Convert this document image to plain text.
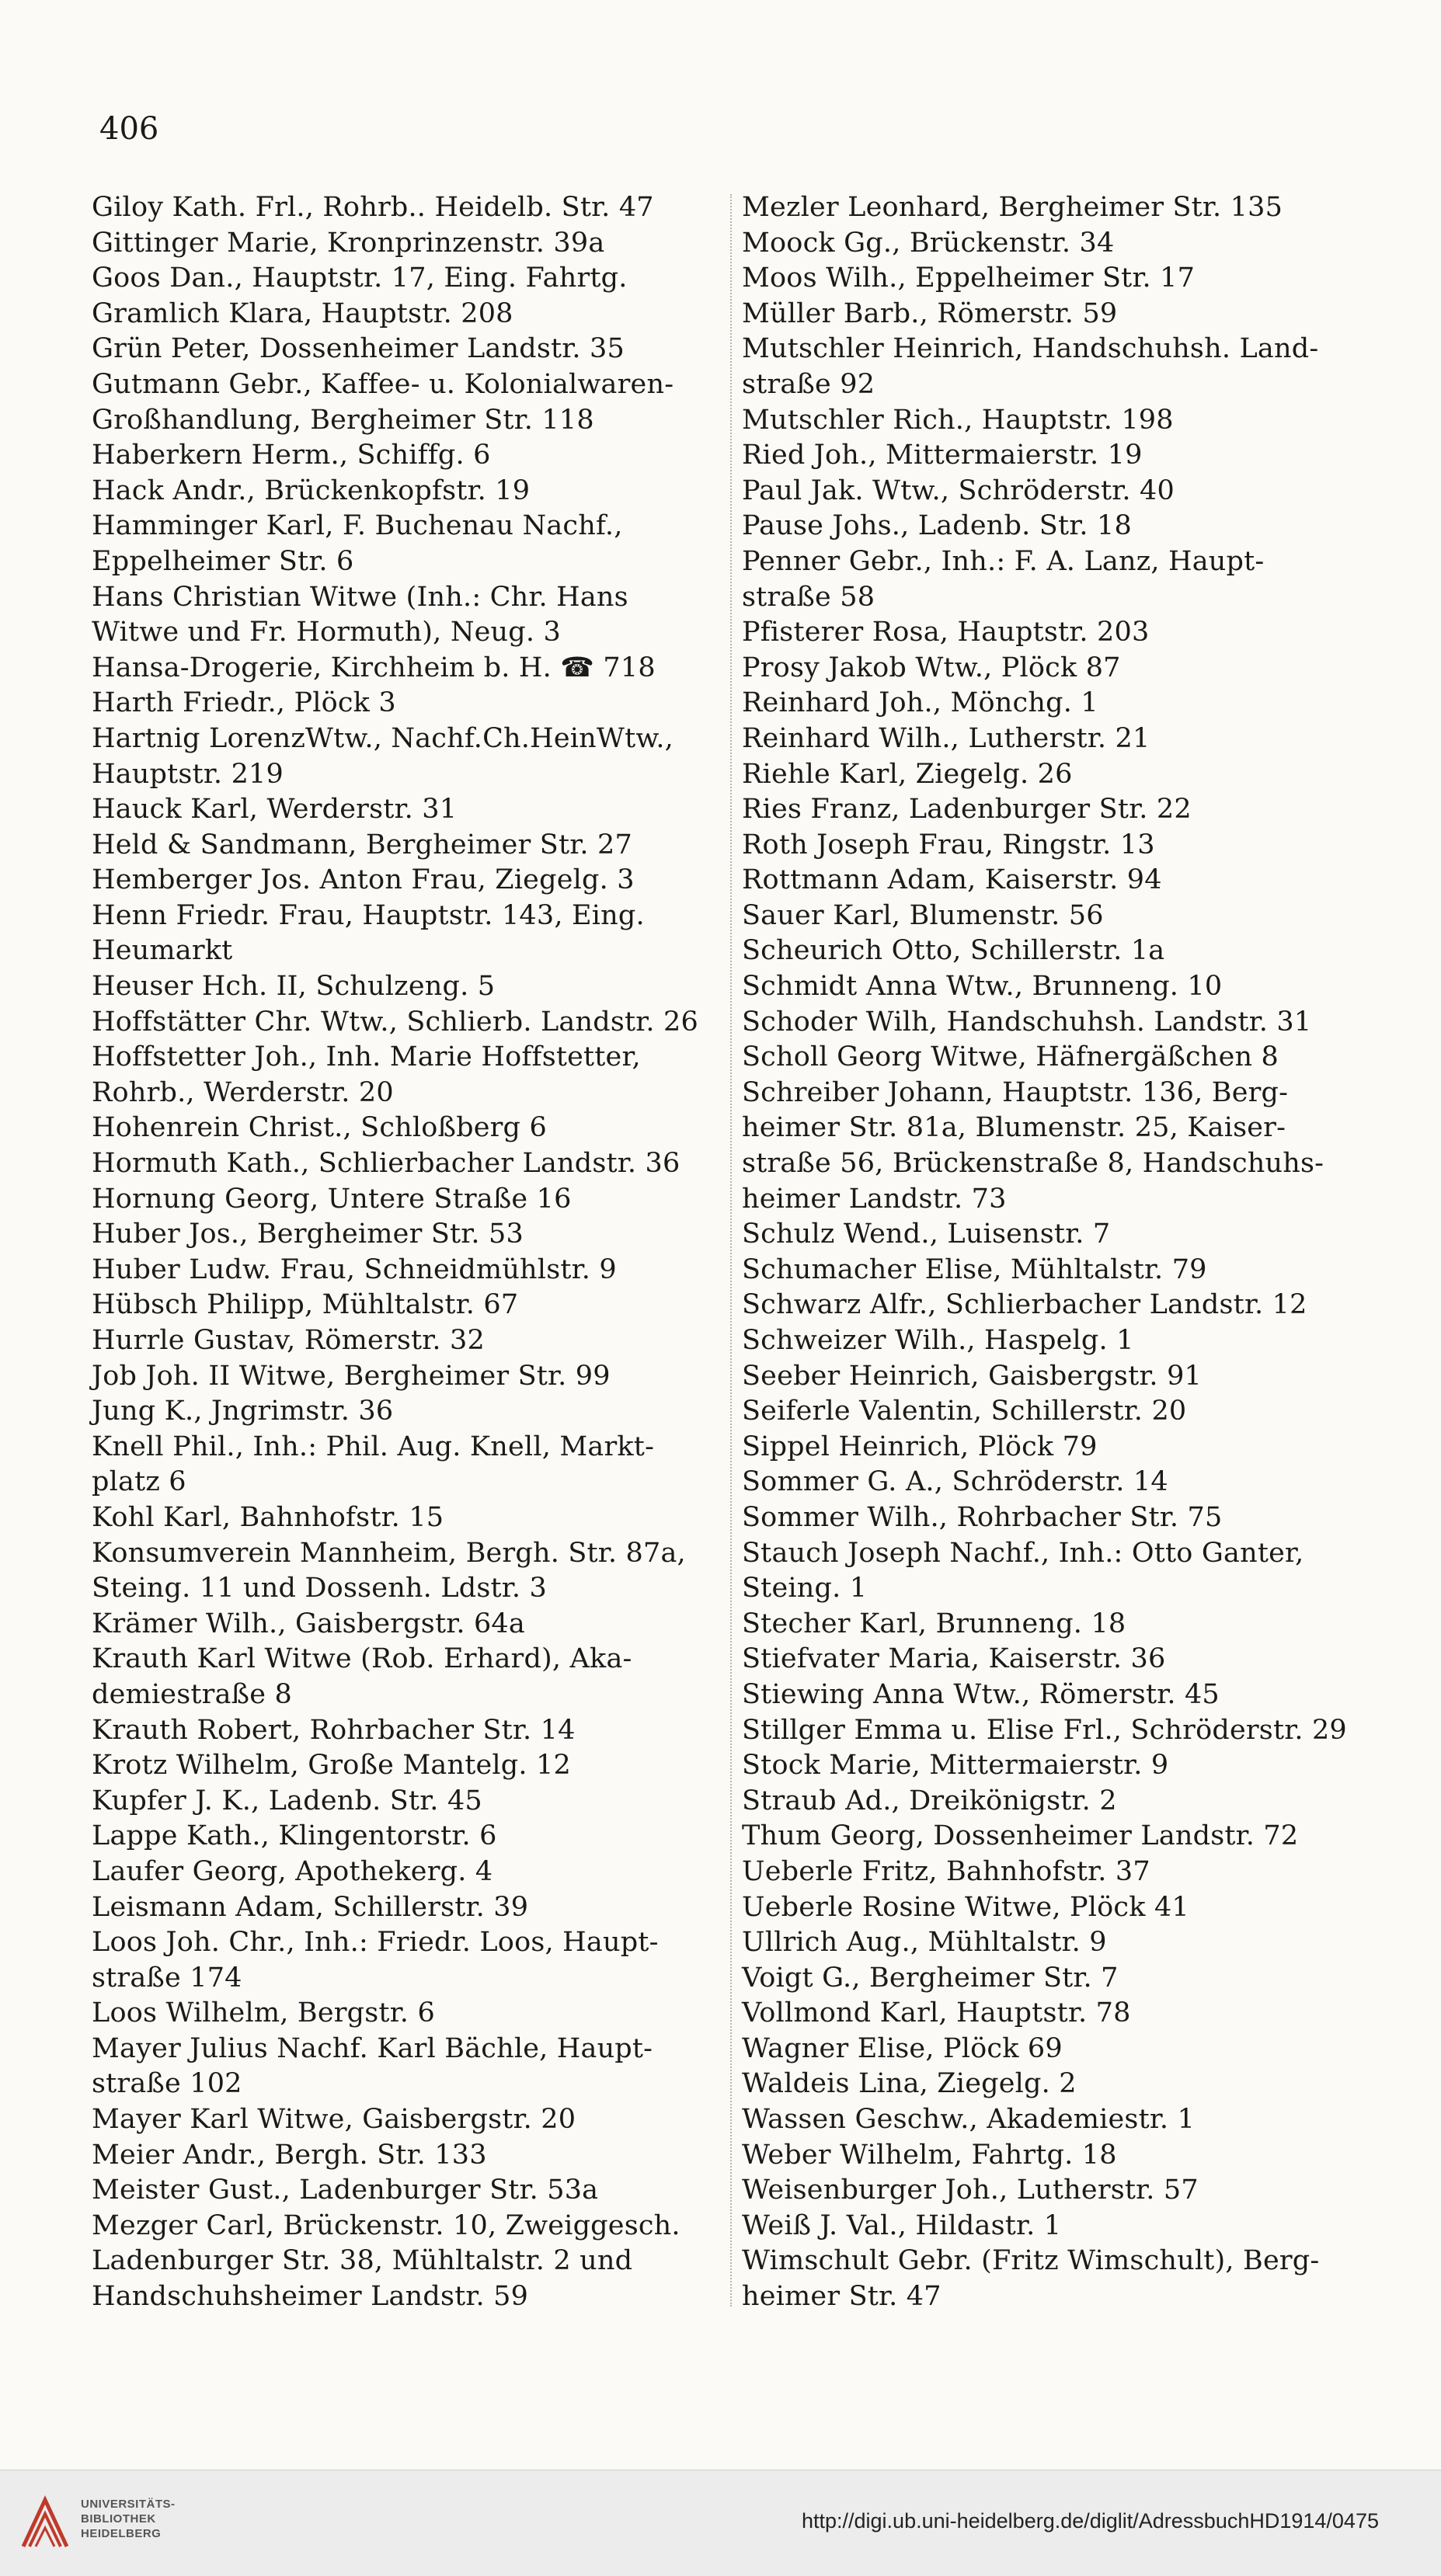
406
Giloy Kath. Frl., Rohrb.. Heidelb. Str. 47
Gittinger Marie, Kronprinzenstr. 39a
Goos Dan., Hauptstr. 17, Eing. Fahrtg.
Gramlich Klara, Hauptstr. 208
Grün Peter, Dossenheimer Landstr. 35
Gutmann Gebr., Kaffee- u. Kolonialwaren-
Großhandlung, Bergheimer Str. 118
Haberkern Herm., Schiffg. 6
Hack Andr., Brückenkopfstr. 19
Hamminger Karl, F. Buchenau Nachf.,
Eppelheimer Str. 6
Hans Christian Witwe (Inh.: Chr. Hans
Witwe und Fr. Hormuth), Neug. 3
Hansa-Drogerie, Kirchheim b. H. ☎ 718
Harth Friedr., Plöck 3
Hartnig LorenzWtw., Nachf.Ch.HeinWtw.,
Hauptstr. 219
Hauck Karl, Werderstr. 31
Held & Sandmann, Bergheimer Str. 27
Hemberger Jos. Anton Frau, Ziegelg. 3
Henn Friedr. Frau, Hauptstr. 143, Eing.
Heumarkt
Heuser Hch. II, Schulzeng. 5
Hoffstätter Chr. Wtw., Schlierb. Landstr. 26
Hoffstetter Joh., Inh. Marie Hoffstetter,
Rohrb., Werderstr. 20
Hohenrein Christ., Schloßberg 6
Hormuth Kath., Schlierbacher Landstr. 36
Hornung Georg, Untere Straße 16
Huber Jos., Bergheimer Str. 53
Huber Ludw. Frau, Schneidmühlstr. 9
Hübsch Philipp, Mühltalstr. 67
Hurrle Gustav, Römerstr. 32
Job Joh. II Witwe, Bergheimer Str. 99
Jung K., Jngrimstr. 36
Knell Phil., Inh.: Phil. Aug. Knell, Markt-
platz 6
Kohl Karl, Bahnhofstr. 15
Konsumverein Mannheim, Bergh. Str. 87a,
Steing. 11 und Dossenh. Ldstr. 3
Krämer Wilh., Gaisbergstr. 64a
Krauth Karl Witwe (Rob. Erhard), Aka-
demiestraße 8
Krauth Robert, Rohrbacher Str. 14
Krotz Wilhelm, Große Mantelg. 12
Kupfer J. K., Ladenb. Str. 45
Lappe Kath., Klingentorstr. 6
Laufer Georg, Apothekerg. 4
Leismann Adam, Schillerstr. 39
Loos Joh. Chr., Inh.: Friedr. Loos, Haupt-
straße 174
Loos Wilhelm, Bergstr. 6
Mayer Julius Nachf. Karl Bächle, Haupt-
straße 102
Mayer Karl Witwe, Gaisbergstr. 20
Meier Andr., Bergh. Str. 133
Meister Gust., Ladenburger Str. 53a
Mezger Carl, Brückenstr. 10, Zweiggesch.
Ladenburger Str. 38, Mühltalstr. 2 und
Handschuhsheimer Landstr. 59
Mezler Leonhard, Bergheimer Str. 135
Moock Gg., Brückenstr. 34
Moos Wilh., Eppelheimer Str. 17
Müller Barb., Römerstr. 59
Mutschler Heinrich, Handschuhsh. Land-
straße 92
Mutschler Rich., Hauptstr. 198
Ried Joh., Mittermaierstr. 19
Paul Jak. Wtw., Schröderstr. 40
Pause Johs., Ladenb. Str. 18
Penner Gebr., Inh.: F. A. Lanz, Haupt-
straße 58
Pfisterer Rosa, Hauptstr. 203
Prosy Jakob Wtw., Plöck 87
Reinhard Joh., Mönchg. 1
Reinhard Wilh., Lutherstr. 21
Riehle Karl, Ziegelg. 26
Ries Franz, Ladenburger Str. 22
Roth Joseph Frau, Ringstr. 13
Rottmann Adam, Kaiserstr. 94
Sauer Karl, Blumenstr. 56
Scheurich Otto, Schillerstr. 1a
Schmidt Anna Wtw., Brunneng. 10
Schoder Wilh, Handschuhsh. Landstr. 31
Scholl Georg Witwe, Häfnergäßchen 8
Schreiber Johann, Hauptstr. 136, Berg-
heimer Str. 81a, Blumenstr. 25, Kaiser-
straße 56, Brückenstraße 8, Handschuhs-
heimer Landstr. 73
Schulz Wend., Luisenstr. 7
Schumacher Elise, Mühltalstr. 79
Schwarz Alfr., Schlierbacher Landstr. 12
Schweizer Wilh., Haspelg. 1
Seeber Heinrich, Gaisbergstr. 91
Seiferle Valentin, Schillerstr. 20
Sippel Heinrich, Plöck 79
Sommer G. A., Schröderstr. 14
Sommer Wilh., Rohrbacher Str. 75
Stauch Joseph Nachf., Inh.: Otto Ganter,
Steing. 1
Stecher Karl, Brunneng. 18
Stiefvater Maria, Kaiserstr. 36
Stiewing Anna Wtw., Römerstr. 45
Stillger Emma u. Elise Frl., Schröderstr. 29
Stock Marie, Mittermaierstr. 9
Straub Ad., Dreikönigstr. 2
Thum Georg, Dossenheimer Landstr. 72
Ueberle Fritz, Bahnhofstr. 37
Ueberle Rosine Witwe, Plöck 41
Ullrich Aug., Mühltalstr. 9
Voigt G., Bergheimer Str. 7
Vollmond Karl, Hauptstr. 78
Wagner Elise, Plöck 69
Waldeis Lina, Ziegelg. 2
Wassen Geschw., Akademiestr. 1
Weber Wilhelm, Fahrtg. 18
Weisenburger Joh., Lutherstr. 57
Weiß J. Val., Hildastr. 1
Wimschult Gebr. (Fritz Wimschult), Berg-
heimer Str. 47
UNIVERSITÄTS-
BIBLIOTHEK
HEIDELBERG
http://digi.ub.uni-heidelberg.de/diglit/AdressbuchHD1914/0475
